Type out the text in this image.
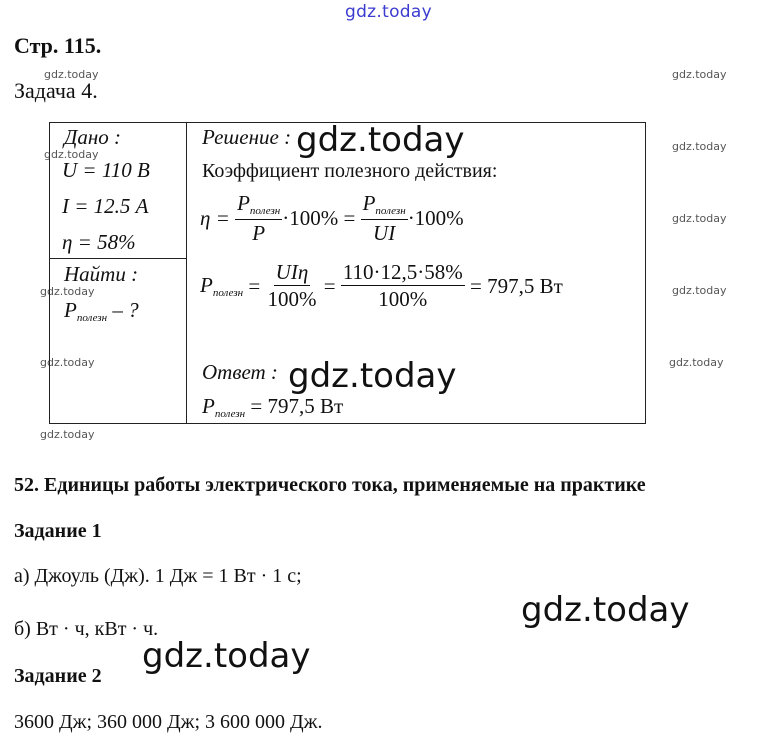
gdz.today
gdz.today	gdz.today
gdz.today
gdz.today
gdz.today
gdz.today	gdz.today
gdz.today	gdz.today
gdz.today
Стр. 115.
Задача 4.
Дано :
U = 110 В
I = 12.5 А
η = 58%
Найти :
$P_{полезн}$ – ?
Решение : gdz.today
Коэффициент полезного действия:
η =
$\frac{P_{полезн}}{P} \cdot 100\%$ =
$\frac{P_{полезн}}{UI} \cdot 100\%$
$P_{полезн}$
=
$\frac{\text{UIη}}{100\%}$
=
$\frac{110\cdot 12,5\cdot 58\%}{100\%}$
= 797,5 Вт
Ответ : gdz.today
$P_{полезн} = 797,5$ Вт
52. Единицы работы электрического тока, применяемые на практике
Задание 1
а) Джоуль (Дж). 1 Дж = 1 Вт · 1 с;
gdz.today
б) Вт · ч, кВт · ч.
gdz.today
Задание 2
3600 Дж; 360 000 Дж; 3 600 000 Дж.
